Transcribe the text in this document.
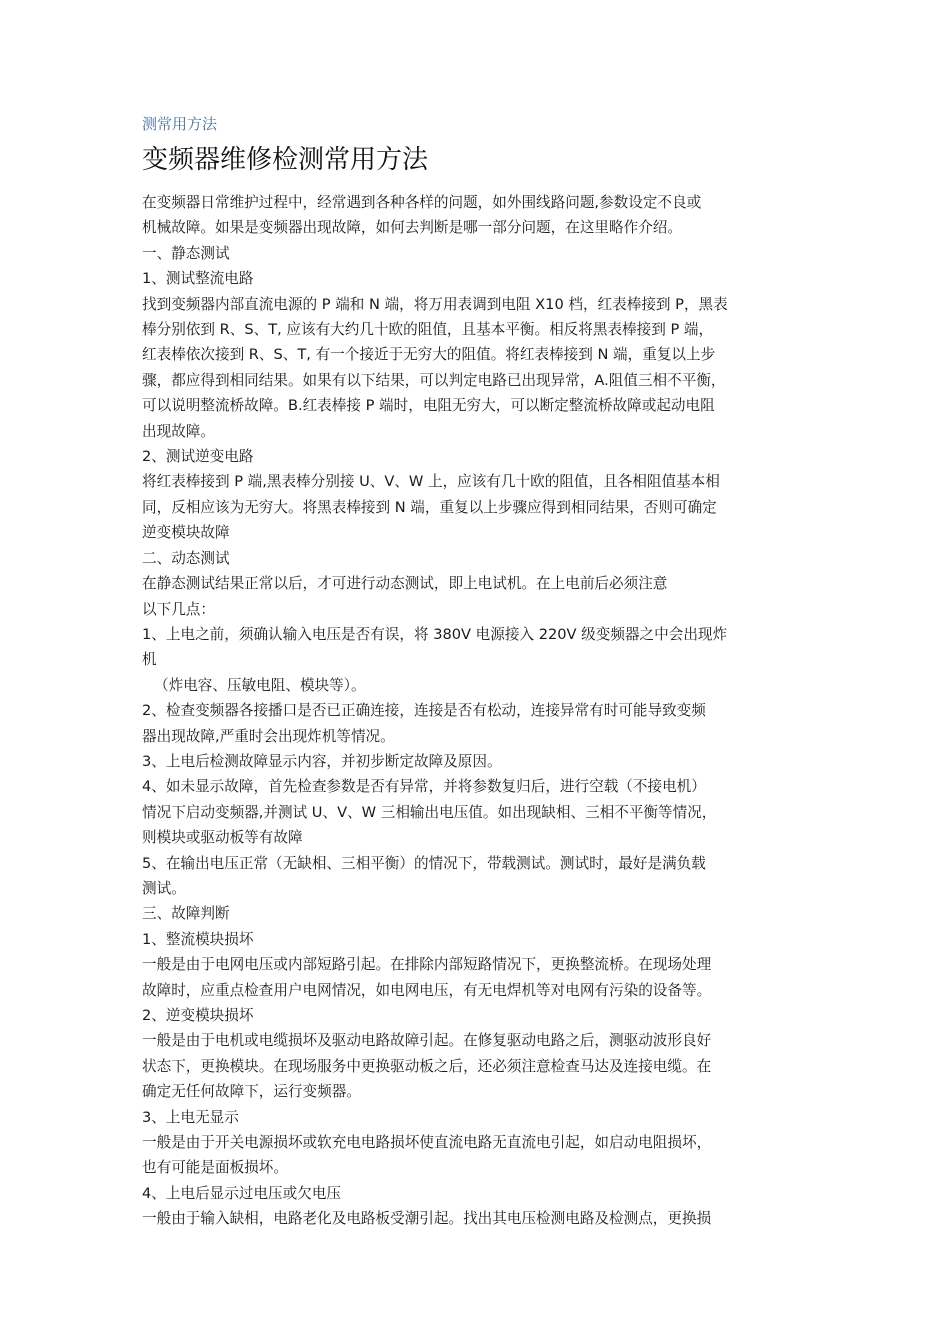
测常用方法
变频器维修检测常用方法

在变频器日常维护过程中，经常遇到各种各样的问题，如外围线路问题,参数设定不良或

机械故障。如果是变频器出现故障，如何去判断是哪一部分问题，在这里略作介绍。

一、静态测试

1、测试整流电路

找到变频器内部直流电源的 P 端和 N 端，将万用表调到电阻 X10 档，红表棒接到 P，黑表

棒分别依到 R、S、T, 应该有大约几十欧的阻值，且基本平衡。相反将黑表棒接到 P 端，

红表棒依次接到 R、S、T, 有一个接近于无穷大的阻值。将红表棒接到 N 端，重复以上步

骤，都应得到相同结果。如果有以下结果，可以判定电路已出现异常，A.阻值三相不平衡，

可以说明整流桥故障。B.红表棒接 P 端时，电阻无穷大，可以断定整流桥故障或起动电阻

出现故障。

2、测试逆变电路

将红表棒接到 P 端,黑表棒分别接 U、V、W 上，应该有几十欧的阻值，且各相阻值基本相

同，反相应该为无穷大。将黑表棒接到 N 端，重复以上步骤应得到相同结果，否则可确定

逆变模块故障

二、动态测试

在静态测试结果正常以后，才可进行动态测试，即上电试机。在上电前后必须注意

以下几点：

1、上电之前，须确认输入电压是否有误，将 380V 电源接入 220V 级变频器之中会出现炸

机

（炸电容、压敏电阻、模块等）。

2、检查变频器各接播口是否已正确连接，连接是否有松动，连接异常有时可能导致变频

器出现故障,严重时会出现炸机等情况。

3、上电后检测故障显示内容，并初步断定故障及原因。

4、如未显示故障，首先检查参数是否有异常，并将参数复归后，进行空载（不接电机）

情况下启动变频器,并测试 U、V、W 三相输出电压值。如出现缺相、三相不平衡等情况，

则模块或驱动板等有故障

5、在输出电压正常（无缺相、三相平衡）的情况下，带载测试。测试时，最好是满负载

测试。

三、故障判断

1、整流模块损坏

一般是由于电网电压或内部短路引起。在排除内部短路情况下，更换整流桥。在现场处理

故障时，应重点检查用户电网情况，如电网电压，有无电焊机等对电网有污染的设备等。

2、逆变模块损坏

一般是由于电机或电缆损坏及驱动电路故障引起。在修复驱动电路之后，测驱动波形良好

状态下，更换模块。在现场服务中更换驱动板之后，还必须注意检查马达及连接电缆。在

确定无任何故障下，运行变频器。

3、上电无显示

一般是由于开关电源损坏或软充电电路损坏使直流电路无直流电引起，如启动电阻损坏，

也有可能是面板损坏。

4、上电后显示过电压或欠电压

一般由于输入缺相，电路老化及电路板受潮引起。找出其电压检测电路及检测点，更换损
